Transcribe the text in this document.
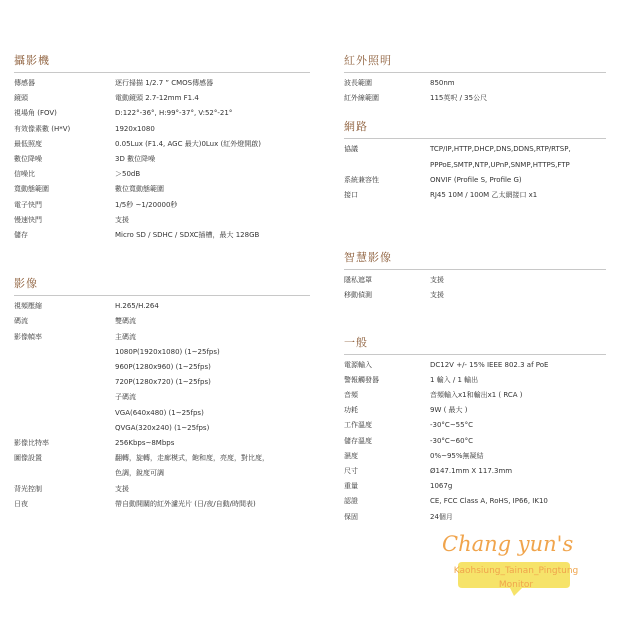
攝影機
傳感器	逐行掃描 1/2.7 ” CMOS傳感器
鏡頭	電動鏡頭 2.7-12mm F1.4
視場角 (FOV)	D:122°-36°, H:99°-37°, V:52°-21°
有效像素數 (H*V)	1920x1080
最低照度	0.05Lux (F1.4, AGC 最大)0Lux (紅外燈開啟)
數位降噪	3D 數位降噪
信噪比	＞50dB
寬動態範圍	數位寬動態範圍
電子快門	1/5秒 ~1/20000秒
慢速快門	支援
儲存	Micro SD / SDHC / SDXC插槽，最大 128GB
影像
視頻壓縮	H.265/H.264
碼流	雙碼流
影像幀率	主碼流
1080P(1920x1080) (1~25fps)
960P(1280x960) (1~25fps)
720P(1280x720) (1~25fps)
子碼流
VGA(640x480) (1~25fps)
QVGA(320x240) (1~25fps)
影像比特率	256Kbps~8Mbps
圖像設置	翻轉，旋轉，走廊模式，飽和度，亮度，對比度，
色調，銳度可調
背光控制	支援
日夜	帶自動開關的紅外濾光片 (日/夜/自動/時間表)
紅外照明
波長範圍	850nm
紅外線範圍	115英呎 / 35公尺
網路
協議	TCP/IP,HTTP,DHCP,DNS,DDNS,RTP/RTSP,
PPPoE,SMTP,NTP,UPnP,SNMP,HTTPS,FTP
系統兼容性	ONVIF (Profile S, Profile G)
接口	RJ45 10M / 100M 乙太網接口 x1
智慧影像
隱私遮罩	支援
移動偵測	支援
一般
電源輸入	DC12V +/- 15% IEEE 802.3 af PoE
警報觸發器	1 輸入 / 1 輸出
音頻	音頻輸入x1和輸出x1 ( RCA )
功耗	9W ( 最大 )
工作溫度	-30°C~55°C
儲存溫度	-30°C~60°C
濕度	0%~95%無凝結
尺寸	Ø147.1mm X 117.3mm
重量	1067g
認證	CE, FCC Class A, RoHS, IP66, IK10
保固	24個月
Chang yun's
Kaohsiung_Tainan_Pingtung
Monitor
